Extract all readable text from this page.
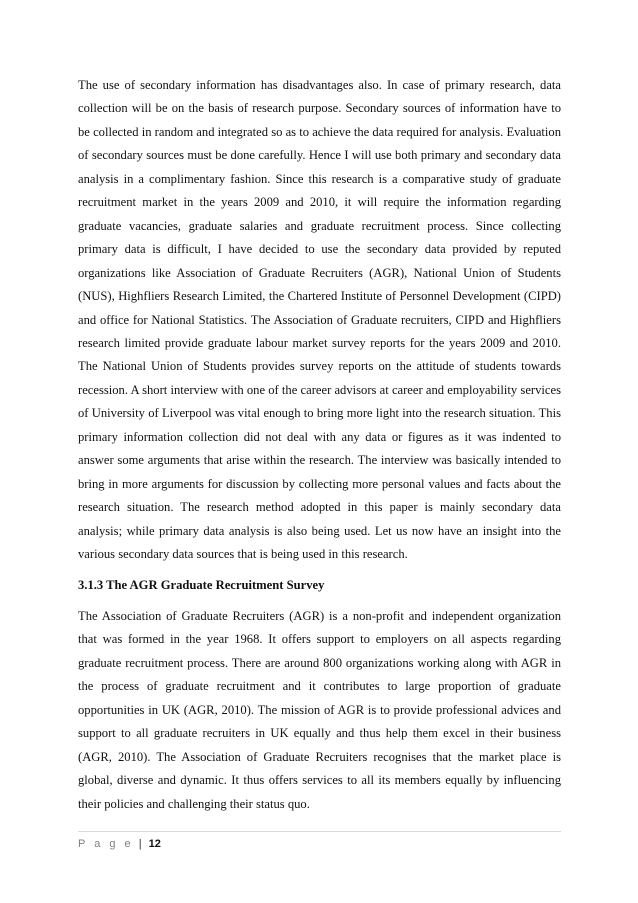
The use of secondary information has disadvantages also. In case of primary research, data collection will be on the basis of research purpose. Secondary sources of information have to be collected in random and integrated so as to achieve the data required for analysis. Evaluation of secondary sources must be done carefully. Hence I will use both primary and secondary data analysis in a complimentary fashion. Since this research is a comparative study of graduate recruitment market in the years 2009 and 2010, it will require the information regarding graduate vacancies, graduate salaries and graduate recruitment process. Since collecting primary data is difficult, I have decided to use the secondary data provided by reputed organizations like Association of Graduate Recruiters (AGR), National Union of Students (NUS), Highfliers Research Limited, the Chartered Institute of Personnel Development (CIPD) and office for National Statistics. The Association of Graduate recruiters, CIPD and Highfliers research limited provide graduate labour market survey reports for the years 2009 and 2010. The National Union of Students provides survey reports on the attitude of students towards recession. A short interview with one of the career advisors at career and employability services of University of Liverpool was vital enough to bring more light into the research situation. This primary information collection did not deal with any data or figures as it was indented to answer some arguments that arise within the research. The interview was basically intended to bring in more arguments for discussion by collecting more personal values and facts about the research situation. The research method adopted in this paper is mainly secondary data analysis; while primary data analysis is also being used. Let us now have an insight into the various secondary data sources that is being used in this research.

3.1.3 The AGR Graduate Recruitment Survey

The Association of Graduate Recruiters (AGR) is a non-profit and independent organization that was formed in the year 1968. It offers support to employers on all aspects regarding graduate recruitment process. There are around 800 organizations working along with AGR in the process of graduate recruitment and it contributes to large proportion of graduate opportunities in UK (AGR, 2010). The mission of AGR is to provide professional advices and support to all graduate recruiters in UK equally and thus help them excel in their business (AGR, 2010). The Association of Graduate Recruiters recognises that the market place is global, diverse and dynamic. It thus offers services to all its members equally by influencing their policies and challenging their status quo.

P a g e | 12
